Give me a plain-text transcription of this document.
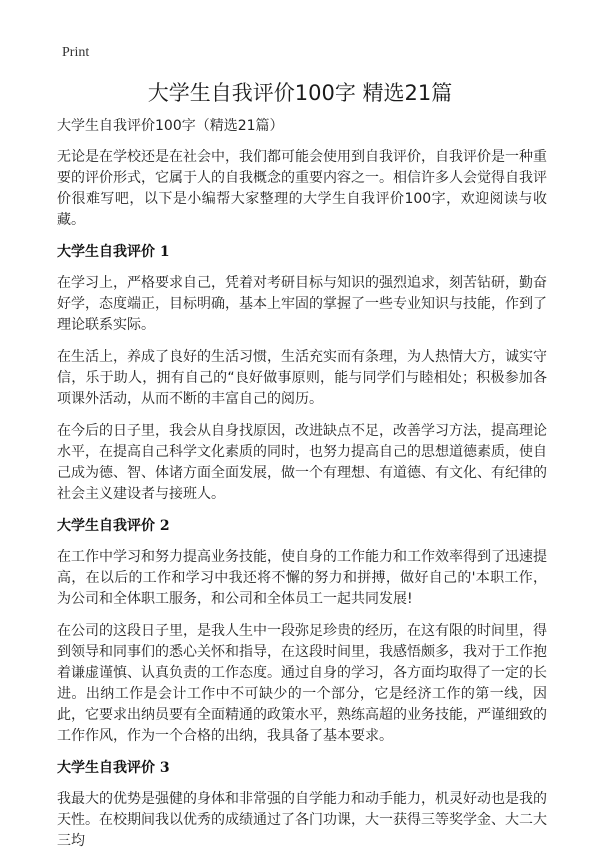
Print
大学生自我评价100字 精选21篇

大学生自我评价100字（精选21篇）

无论是在学校还是在社会中，我们都可能会使用到自我评价，自我评价是一种重要的评价形式，它属于人的自我概念的重要内容之一。相信许多人会觉得自我评价很难写吧，以下是小编帮大家整理的大学生自我评价100字，欢迎阅读与收藏。

大学生自我评价 1

在学习上，严格要求自己，凭着对考研目标与知识的强烈追求，刻苦钻研，勤奋好学，态度端正，目标明确，基本上牢固的掌握了一些专业知识与技能，作到了理论联系实际。

在生活上，养成了良好的生活习惯，生活充实而有条理，为人热情大方，诚实守信，乐于助人，拥有自己的“良好做事原则，能与同学们与睦相处；积极参加各项课外活动，从而不断的丰富自己的阅历。

在今后的日子里，我会从自身找原因，改进缺点不足，改善学习方法，提高理论水平，在提高自己科学文化素质的同时，也努力提高自己的思想道德素质，使自己成为德、智、体诸方面全面发展，做一个有理想、有道德、有文化、有纪律的社会主义建设者与接班人。

大学生自我评价 2

在工作中学习和努力提高业务技能，使自身的工作能力和工作效率得到了迅速提高，在以后的工作和学习中我还将不懈的努力和拼搏，做好自己的'本职工作，为公司和全体职工服务，和公司和全体员工一起共同发展!

在公司的这段日子里，是我人生中一段弥足珍贵的经历，在这有限的时间里，得到领导和同事们的悉心关怀和指导，在这段时间里，我感悟颇多，我对于工作抱着谦虚谨慎、认真负责的工作态度。通过自身的学习，各方面均取得了一定的长进。出纳工作是会计工作中不可缺少的一个部分，它是经济工作的第一线，因此，它要求出纳员要有全面精通的政策水平，熟练高超的业务技能，严谨细致的工作作风，作为一个合格的出纳，我具备了基本要求。

大学生自我评价 3

我最大的优势是强健的身体和非常强的自学能力和动手能力，机灵好动也是我的天性。在校期间我以优秀的成绩通过了各门功课，大一获得三等奖学金、大二大三均
